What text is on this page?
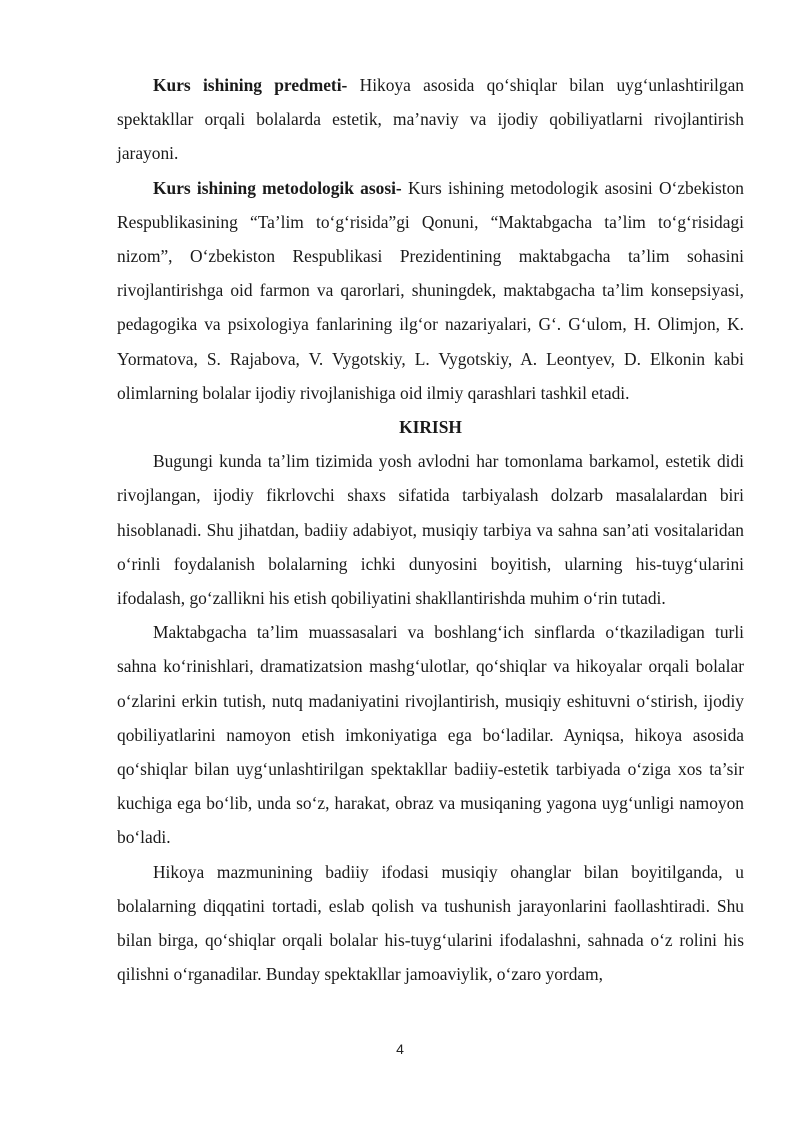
Kurs ishining predmeti- Hikoya asosida qo‘shiqlar bilan uyg‘unlashtirilgan spektakllar orqali bolalarda estetik, ma’naviy va ijodiy qobiliyatlarni rivojlantirish jarayoni.

Kurs ishining metodologik asosi- Kurs ishining metodologik asosini O‘zbekiston Respublikasining “Ta’lim to‘g‘risida”gi Qonuni, “Maktabgacha ta’lim to‘g‘risidagi nizom”, O‘zbekiston Respublikasi Prezidentining maktabgacha ta’lim sohasini rivojlantirishga oid farmon va qarorlari, shuningdek, maktabgacha ta’lim konsepsiyasi, pedagogika va psixologiya fanlarining ilg‘or nazariyalari, G‘. G‘ulom, H. Olimjon, K. Yormatova, S. Rajabova, V. Vygotskiy, L. Vygotskiy, A. Leontyev, D. Elkonin kabi olimlarning bolalar ijodiy rivojlanishiga oid ilmiy qarashlari tashkil etadi.

KIRISH

Bugungi kunda ta’lim tizimida yosh avlodni har tomonlama barkamol, estetik didi rivojlangan, ijodiy fikrlovchi shaxs sifatida tarbiyalash dolzarb masalalardan biri hisoblanadi. Shu jihatdan, badiiy adabiyot, musiqiy tarbiya va sahna san’ati vositalaridan o‘rinli foydalanish bolalarning ichki dunyosini boyitish, ularning his-tuyg‘ularini ifodalash, go‘zallikni his etish qobiliyatini shakllantirishda muhim o‘rin tutadi.

Maktabgacha ta’lim muassasalari va boshlang‘ich sinflarda o‘tkaziladigan turli sahna ko‘rinishlari, dramatizatsion mashg‘ulotlar, qo‘shiqlar va hikoyalar orqali bolalar o‘zlarini erkin tutish, nutq madaniyatini rivojlantirish, musiqiy eshituvni o‘stirish, ijodiy qobiliyatlarini namoyon etish imkoniyatiga ega bo‘ladilar. Ayniqsa, hikoya asosida qo‘shiqlar bilan uyg‘unlashtirilgan spektakllar badiiy-estetik tarbiyada o‘ziga xos ta’sir kuchiga ega bo‘lib, unda so‘z, harakat, obraz va musiqaning yagona uyg‘unligi namoyon bo‘ladi.

Hikoya mazmunining badiiy ifodasi musiqiy ohanglar bilan boyitilganda, u bolalarning diqqatini tortadi, eslab qolish va tushunish jarayonlarini faollashtiradi. Shu bilan birga, qo‘shiqlar orqali bolalar his-tuyg‘ularini ifodalashni, sahnada o‘z rolini his qilishni o‘rganadilar. Bunday spektakllar jamoaviylik, o‘zaro yordam,

4
